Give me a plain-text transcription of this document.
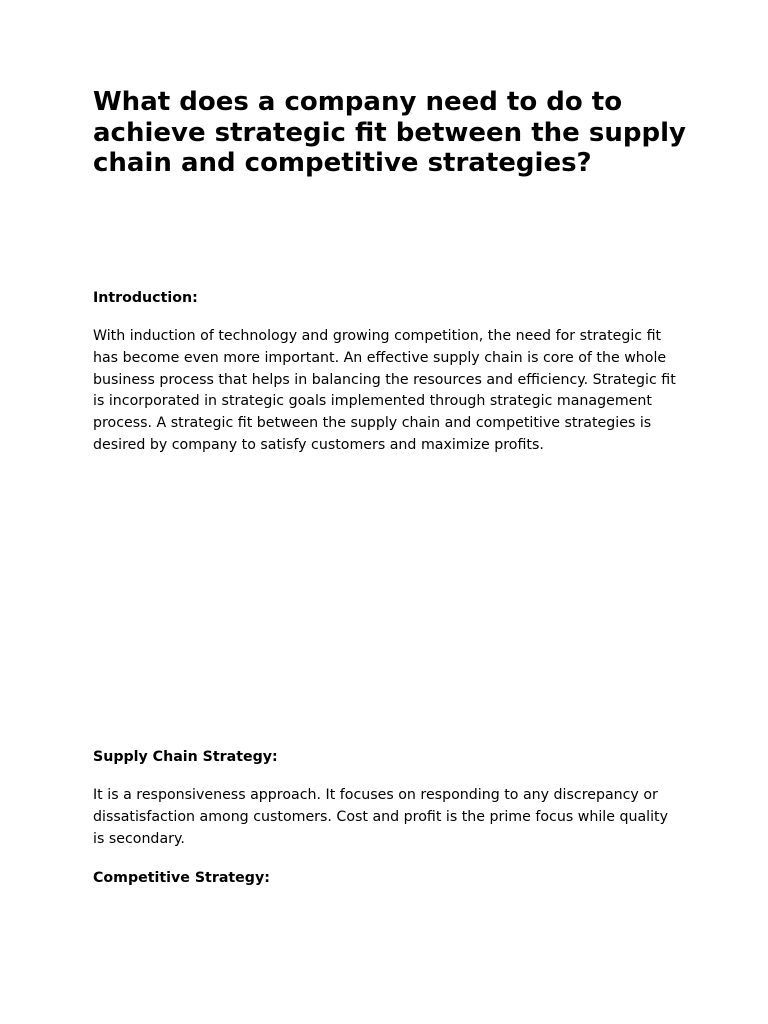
What does a company need to do to achieve strategic fit between the supply chain and competitive strategies?
Introduction:

With induction of technology and growing competition, the need for strategic fit has become even more important. An effective supply chain is core of the whole business process that helps in balancing the resources and efficiency. Strategic fit is incorporated in strategic goals implemented through strategic management process. A strategic fit between the supply chain and competitive strategies is desired by company to satisfy customers and maximize profits.

Supply Chain Strategy:

It is a responsiveness approach. It focuses on responding to any discrepancy or dissatisfaction among customers. Cost and profit is the prime focus while quality is secondary.

Competitive Strategy:
